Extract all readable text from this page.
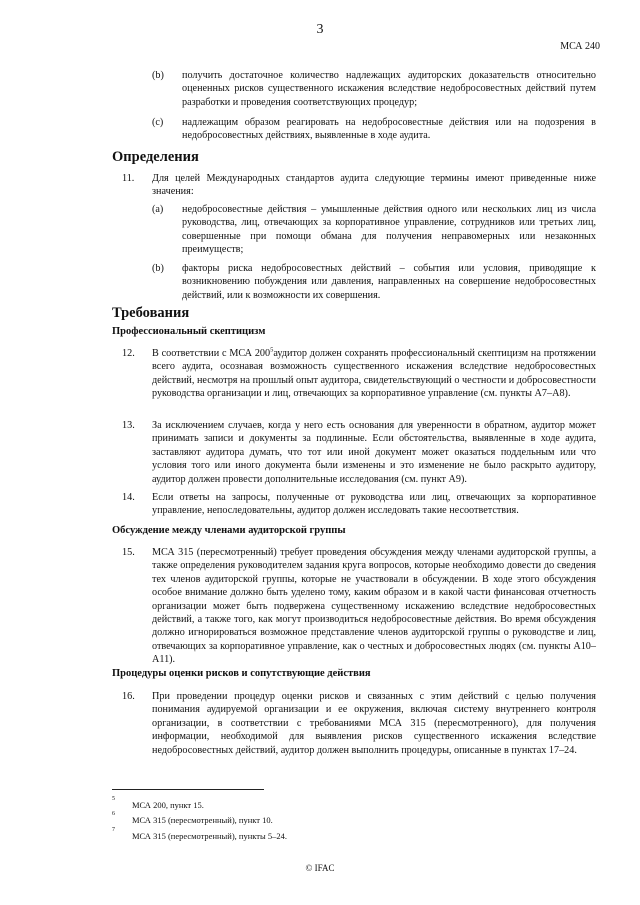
3
МСА 240
(b) получить достаточное количество надлежащих аудиторских доказательств относительно оцененных рисков существенного искажения вследствие недобросовестных действий путем разработки и проведения соответствующих процедур;
(c) надлежащим образом реагировать на недобросовестные действия или на подозрения в недобросовестных действиях, выявленные в ходе аудита.
Определения
11. Для целей Международных стандартов аудита следующие термины имеют приведенные ниже значения:
(a) недобросовестные действия – умышленные действия одного или нескольких лиц из числа руководства, лиц, отвечающих за корпоративное управление, сотрудников или третьих лиц, совершенные при помощи обмана для получения неправомерных или незаконных преимуществ;
(b) факторы риска недобросовестных действий – события или условия, приводящие к возникновению побуждения или давления, направленных на совершение недобросовестных действий, или к возможности их совершения.
Требования
Профессиональный скептицизм
12. В соответствии с МСА $200^5аудитор$ должен сохранять профессиональный скептицизм на протяжении всего аудита, осознавая возможность существенного искажения вследствие недобросовестных действий, несмотря на прошлый опыт аудитора, свидетельствующий о честности и добросовестности руководства организации и лиц, отвечающих за корпоративное управление (см. пункты A7–A8).
13. За исключением случаев, когда у него есть основания для уверенности в обратном, аудитор может принимать записи и документы за подлинные. Если обстоятельства, выявленные в ходе аудита, заставляют аудитора думать, что тот или иной документ может оказаться поддельным или что условия того или иного документа были изменены и это изменение не было раскрыто аудитору, аудитор должен провести дополнительные исследования (см. пункт A9).
14. Если ответы на запросы, полученные от руководства или лиц, отвечающих за корпоративное управление, непоследовательны, аудитор должен исследовать такие несоответствия.
Обсуждение между членами аудиторской группы
15. МСА 315 (пересмотренный) требует проведения обсуждения между членами аудиторской группы, а также определения руководителем задания круга вопросов, которые необходимо довести до сведения тех членов аудиторской группы, которые не участвовали в обсуждении. В ходе этого обсуждения особое внимание должно быть уделено тому, каким образом и в какой части финансовая отчетность организации может быть подвержена существенному искажению вследствие недобросовестных действий, а также того, как могут производиться недобросовестные действия. Во время обсуждения должно игнорироваться возможное представление членов аудиторской группы о руководстве и лиц, отвечающих за корпоративное управление, как о честных и добросовестных людях (см. пункты A10–A11).
Процедуры оценки рисков и сопутствующие действия
16. При проведении процедур оценки рисков и связанных с этим действий с целью получения понимания аудируемой организации и ее окружения, включая систему внутреннего контроля организации, в соответствии с требованиями МСА 315 (пересмотренного), для получения информации, необходимой для выявления рисков существенного искажения вследствие недобросовестных действий, аудитор должен выполнить процедуры, описанные в пунктах 17–24.
5
МСА 200, пункт 15.
6
МСА 315 (пересмотренный), пункт 10.
7
МСА 315 (пересмотренный), пункты 5–24.
© IFAC
